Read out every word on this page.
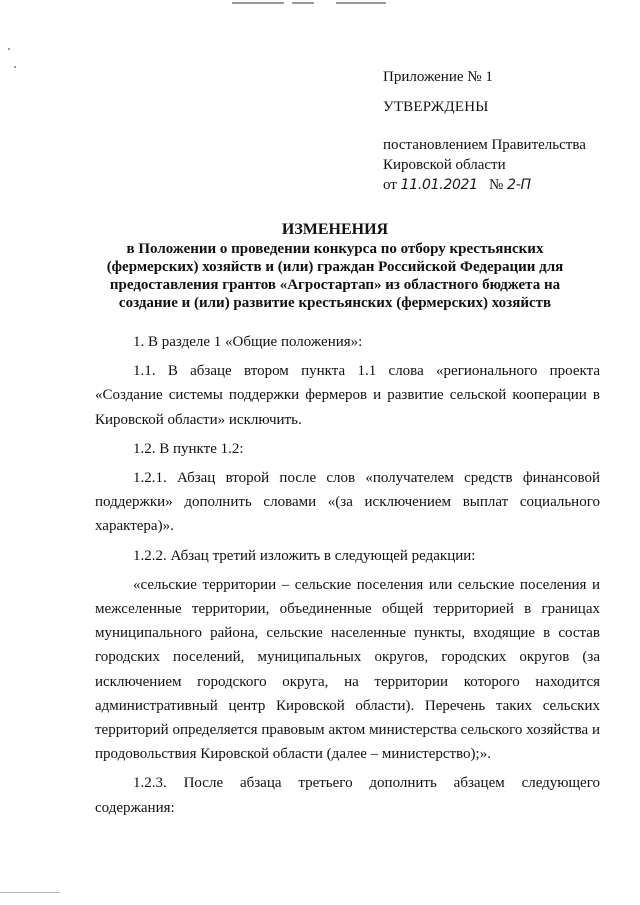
Приложение № 1
УТВЕРЖДЕНЫ
постановлением Правительства
Кировской области
от 11.01.2021 № 2-П
ИЗМЕНЕНИЯ
в Положении о проведении конкурса по отбору крестьянских (фермерских) хозяйств и (или) граждан Российской Федерации для предоставления грантов «Агростартап» из областного бюджета на создание и (или) развитие крестьянских (фермерских) хозяйств

1. В разделе 1 «Общие положения»:

1.1. В абзаце втором пункта 1.1 слова «регионального проекта «Создание системы поддержки фермеров и развитие сельской кооперации в Кировской области» исключить.

1.2. В пункте 1.2:

1.2.1. Абзац второй после слов «получателем средств финансовой поддержки» дополнить словами «(за исключением выплат социального характера)».

1.2.2. Абзац третий изложить в следующей редакции:

«сельские территории – сельские поселения или сельские поселения и межселенные территории, объединенные общей территорией в границах муниципального района, сельские населенные пункты, входящие в состав городских поселений, муниципальных округов, городских округов (за исключением городского округа, на территории которого находится административный центр Кировской области). Перечень таких сельских территорий определяется правовым актом министерства сельского хозяйства и продовольствия Кировской области (далее – министерство);».

1.2.3. После абзаца третьего дополнить абзацем следующего содержания:
